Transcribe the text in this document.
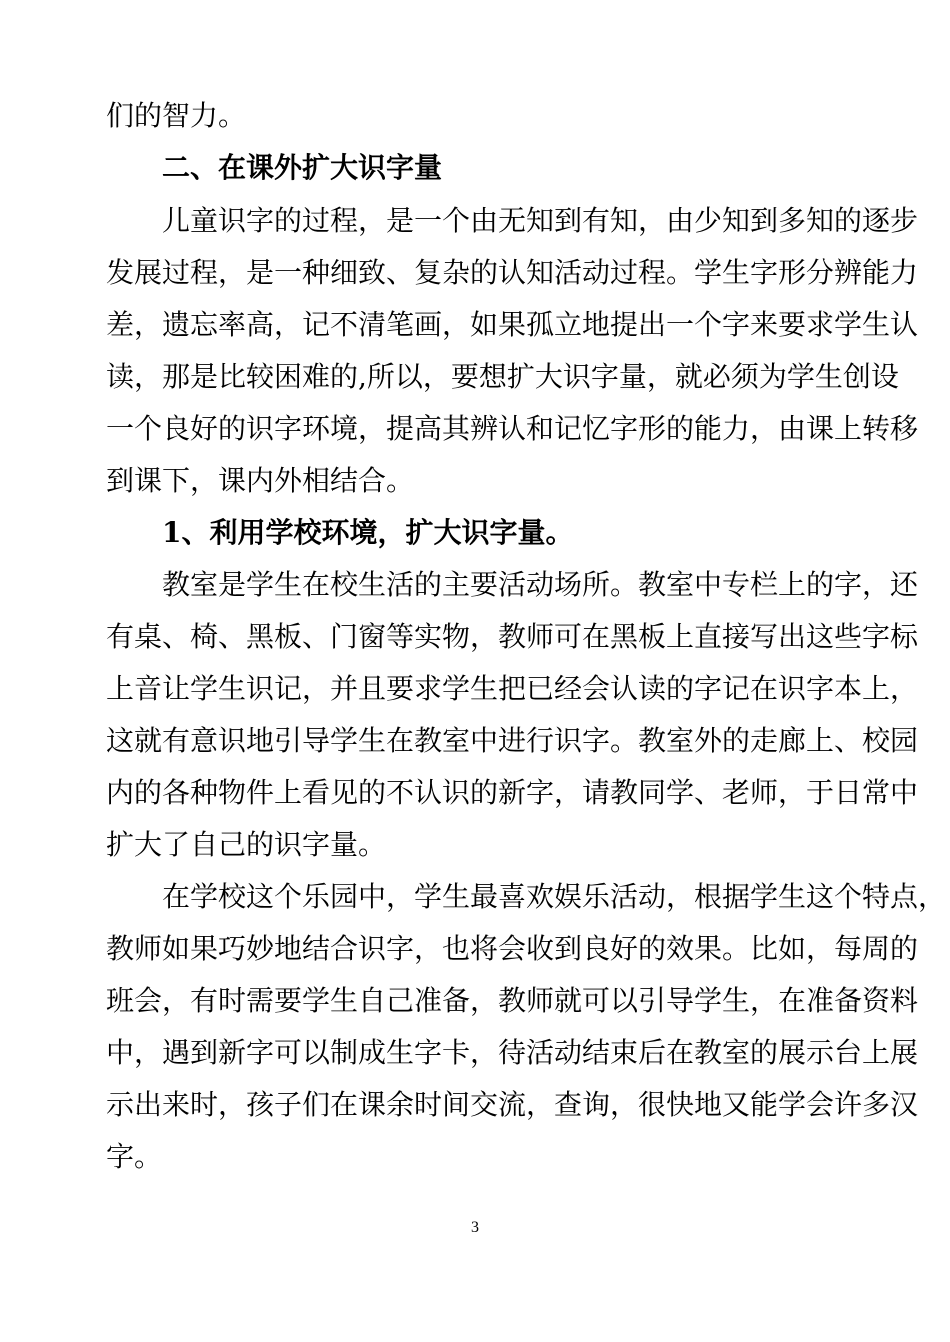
们的智力。
二、在课外扩大识字量
儿童识字的过程，是一个由无知到有知，由少知到多知的逐步
发展过程，是一种细致、复杂的认知活动过程。学生字形分辨能力
差，遗忘率高，记不清笔画，如果孤立地提出一个字来要求学生认
读，那是比较困难的,所以，要想扩大识字量，就必须为学生创设
一个良好的识字环境，提高其辨认和记忆字形的能力，由课上转移
到课下，课内外相结合。
1、利用学校环境，扩大识字量。
教室是学生在校生活的主要活动场所。教室中专栏上的字，还
有桌、椅、黑板、门窗等实物，教师可在黑板上直接写出这些字标
上音让学生识记，并且要求学生把已经会认读的字记在识字本上，
这就有意识地引导学生在教室中进行识字。教室外的走廊上、校园
内的各种物件上看见的不认识的新字，请教同学、老师，于日常中
扩大了自己的识字量。
在学校这个乐园中，学生最喜欢娱乐活动，根据学生这个特点，
教师如果巧妙地结合识字，也将会收到良好的效果。比如，每周的
班会，有时需要学生自己准备，教师就可以引导学生，在准备资料
中，遇到新字可以制成生字卡，待活动结束后在教室的展示台上展
示出来时，孩子们在课余时间交流，查询，很快地又能学会许多汉
字。
3
